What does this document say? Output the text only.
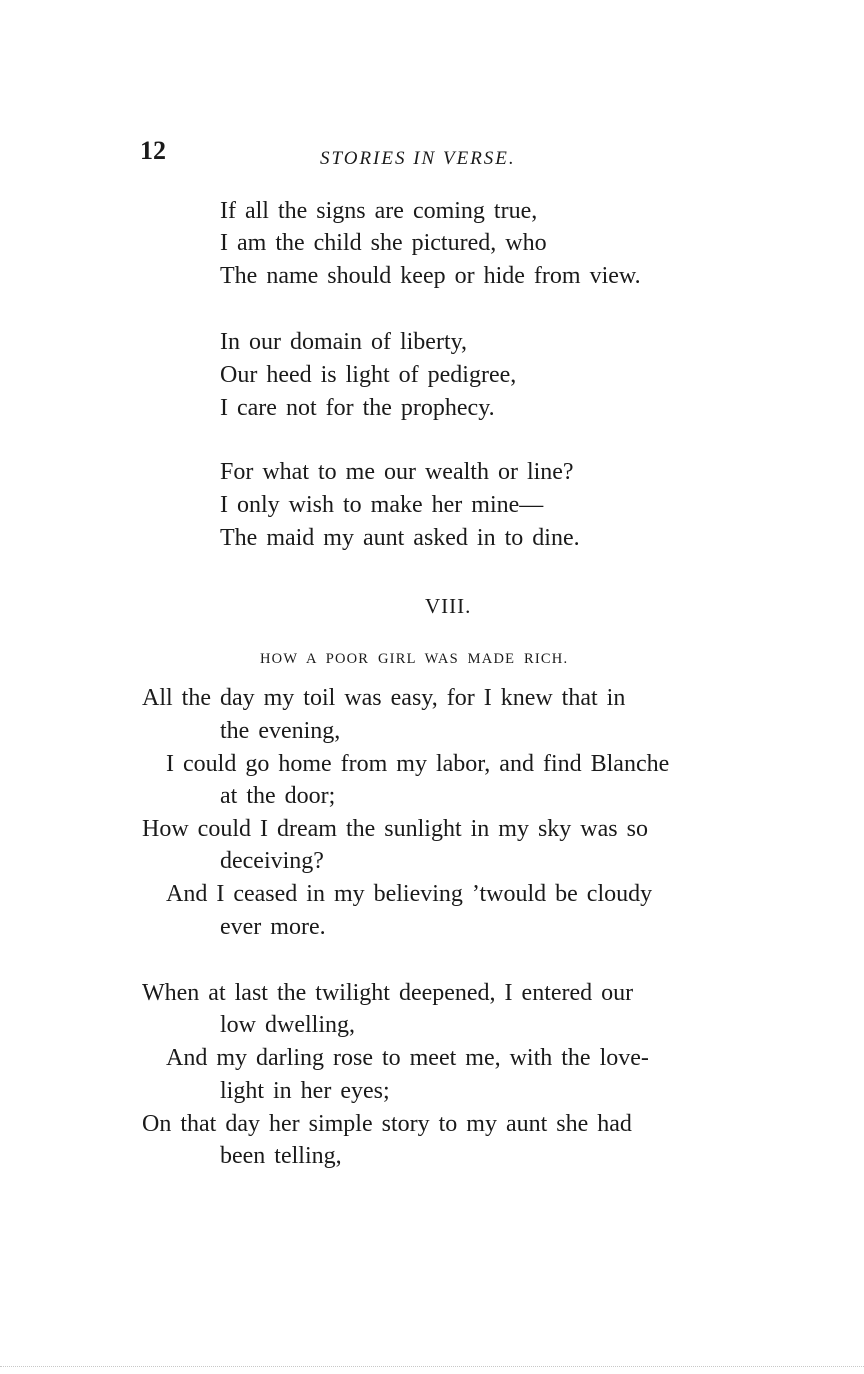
12	STORIES IN VERSE.
If all the signs are coming true,
I am the child she pictured, who
The name should keep or hide from view.
In our domain of liberty,
Our heed is light of pedigree,
I care not for the prophecy.
For what to me our wealth or line?
I only wish to make her mine—
The maid my aunt asked in to dine.
VIII.
HOW A POOR GIRL WAS MADE RICH.
All the day my toil was easy, for I knew that in
the evening,
I could go home from my labor, and find Blanche
at the door;
How could I dream the sunlight in my sky was so
deceiving?
And I ceased in my believing ’twould be cloudy
ever more.
When at last the twilight deepened, I entered our
low dwelling,
And my darling rose to meet me, with the love-
light in her eyes;
On that day her simple story to my aunt she had
been telling,
